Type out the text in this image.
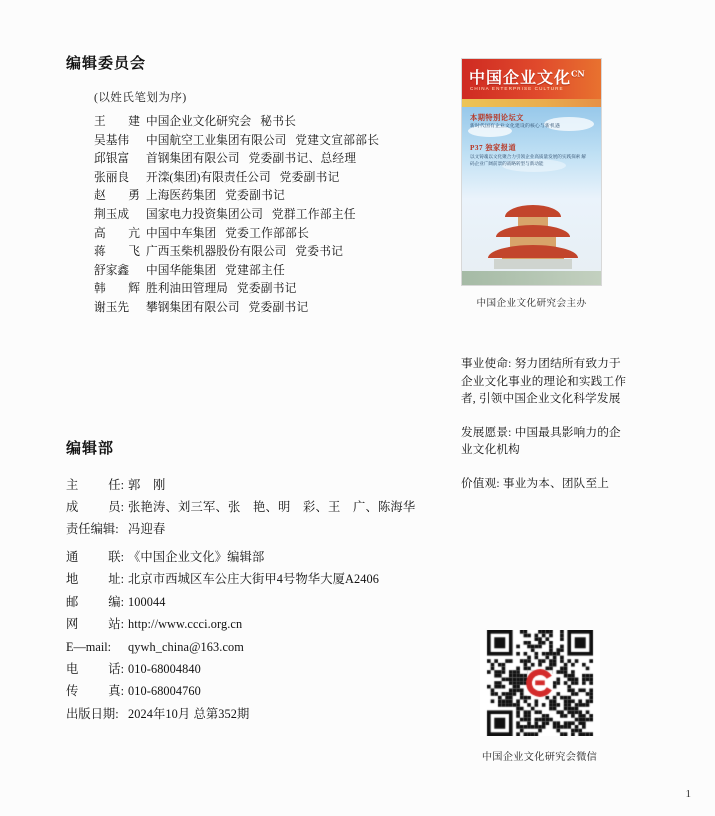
编辑委员会
(以姓氏笔划为序)
王 建 中国企业文化研究会 秘书长
吴基伟	中国航空工业集团有限公司 党建文宣部部长
邱银富	首钢集团有限公司 党委副书记、总经理
张丽良	开滦(集团)有限责任公司 党委副书记
赵 勇 上海医药集团 党委副书记
荆玉成	国家电力投资集团公司 党群工作部主任
高 亢 中国中车集团 党委工作部部长
蒋 飞 广西玉柴机器股份有限公司 党委书记
舒家鑫	中国华能集团 党建部主任
韩 辉 胜利油田管理局 党委副书记
谢玉先	攀钢集团有限公司 党委副书记
编辑部
主 任: 郭　刚
成 员: 张艳涛、刘三军、张　艳、明　彩、王　广、陈海华
责任编辑: 冯迎春
通 联: 《中国企业文化》编辑部
地 址: 北京市西城区车公庄大街甲4号物华大厦A2406
邮 编: 100044
网 站: http://www.ccci.org.cn
E—mail:	qywh_china@163.com
电 话: 010-68004840
传 真: 010-68004760
出版日期: 2024年10月 总第352期
中国企业文化$^{CN}$
CHINA ENTERPRISE CULTURE
本期特别论坛文
新时代国有企业文化建设的核心与新机遇
P37 独家报道
以文铸魂以文化聚合力引领企业高质量发展的实践探索 解码企业广阔前景的战略转型与新动能
中国企业文化研究会主办

事业使命: 努力团结所有致力于企业文化事业的理论和实践工作者, 引领中国企业文化科学发展

发展愿景: 中国最具影响力的企业文化机构

价值观: 事业为本、团队至上

中国企业文化研究会微信
1
